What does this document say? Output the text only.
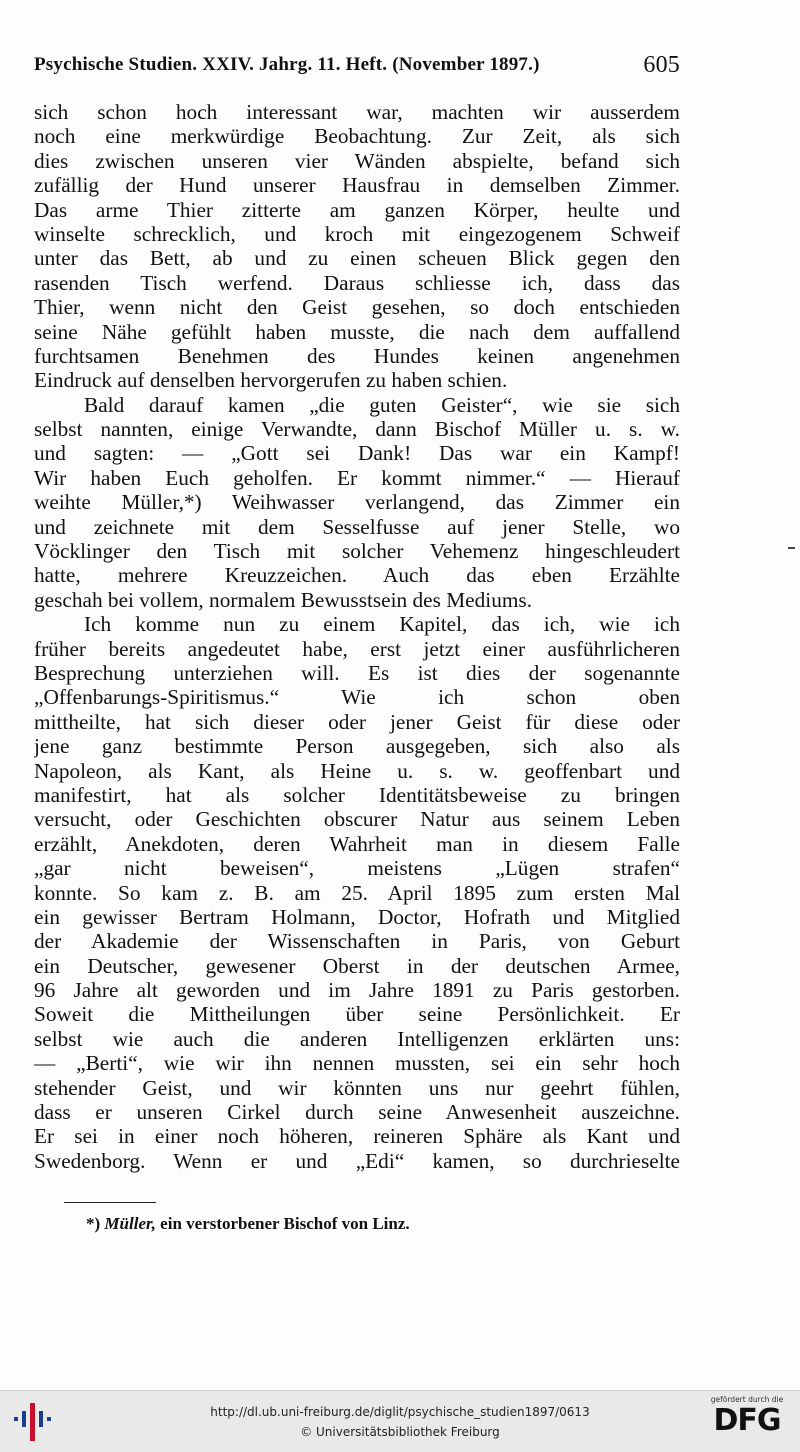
Psychische Studien. XXIV. Jahrg. 11. Heft. (November 1897.)	605
sich schon hoch interessant war, machten wir ausserdem
noch eine merkwürdige Beobachtung. Zur Zeit, als sich
dies zwischen unseren vier Wänden abspielte, befand sich
zufällig der Hund unserer Hausfrau in demselben Zimmer.
Das arme Thier zitterte am ganzen Körper, heulte und
winselte schrecklich, und kroch mit eingezogenem Schweif
unter das Bett, ab und zu einen scheuen Blick gegen den
rasenden Tisch werfend. Daraus schliesse ich, dass das
Thier, wenn nicht den Geist gesehen, so doch entschieden
seine Nähe gefühlt haben musste, die nach dem auffallend
furchtsamen Benehmen des Hundes keinen angenehmen
Eindruck auf denselben hervorgerufen zu haben schien.
Bald darauf kamen „die guten Geister“, wie sie sich
selbst nannten, einige Verwandte, dann Bischof Müller u. s. w.
und sagten: — „Gott sei Dank! Das war ein Kampf!
Wir haben Euch geholfen. Er kommt nimmer.“ — Hierauf
weihte Müller,*) Weihwasser verlangend, das Zimmer ein
und zeichnete mit dem Sesselfusse auf jener Stelle, wo
Vöcklinger den Tisch mit solcher Vehemenz hingeschleudert
hatte, mehrere Kreuzzeichen. Auch das eben Erzählte
geschah bei vollem, normalem Bewusstsein des Mediums.
Ich komme nun zu einem Kapitel, das ich, wie ich
früher bereits angedeutet habe, erst jetzt einer ausführlicheren
Besprechung unterziehen will. Es ist dies der sogenannte
„Offenbarungs-Spiritismus.“ Wie ich schon oben
mittheilte, hat sich dieser oder jener Geist für diese oder
jene ganz bestimmte Person ausgegeben, sich also als
Napoleon, als Kant, als Heine u. s. w. geoffenbart und
manifestirt, hat als solcher Identitätsbeweise zu bringen
versucht, oder Geschichten obscurer Natur aus seinem Leben
erzählt, Anekdoten, deren Wahrheit man in diesem Falle
„gar nicht beweisen“, meistens „Lügen strafen“
konnte. So kam z. B. am 25. April 1895 zum ersten Mal
ein gewisser Bertram Holmann, Doctor, Hofrath und Mitglied
der Akademie der Wissenschaften in Paris, von Geburt
ein Deutscher, gewesener Oberst in der deutschen Armee,
96 Jahre alt geworden und im Jahre 1891 zu Paris gestorben.
Soweit die Mittheilungen über seine Persönlichkeit. Er
selbst wie auch die anderen Intelligenzen erklärten uns:
— „Berti“, wie wir ihn nennen mussten, sei ein sehr hoch
stehender Geist, und wir könnten uns nur geehrt fühlen,
dass er unseren Cirkel durch seine Anwesenheit auszeichne.
Er sei in einer noch höheren, reineren Sphäre als Kant und
Swedenborg. Wenn er und „Edi“ kamen, so durchrieselte
*) Müller, ein verstorbener Bischof von Linz.
http://dl.ub.uni-freiburg.de/diglit/psychische_studien1897/0613
© Universitätsbibliothek Freiburg
gefördert durch die
DFG
